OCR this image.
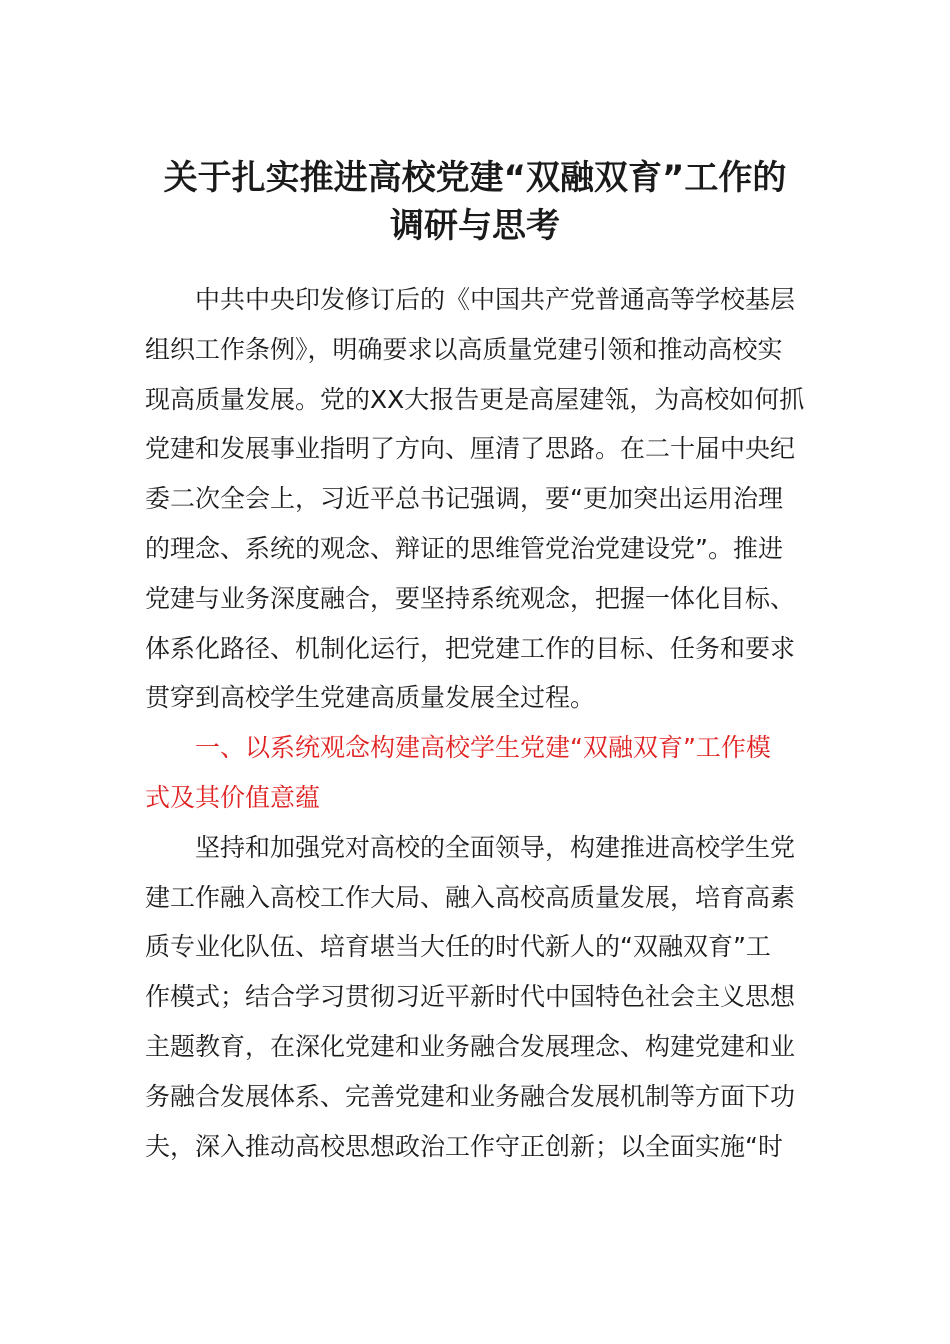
关于扎实推进高校党建“双融双育”工作的
调研与思考
中共中央印发修订后的《中国共产党普通高等学校基层
组织工作条例》，明确要求以高质量党建引领和推动高校实
现高质量发展。党的XX大报告更是高屋建瓴，为高校如何抓
党建和发展事业指明了方向、厘清了思路。在二十届中央纪
委二次全会上，习近平总书记强调，要“更加突出运用治理
的理念、系统的观念、辩证的思维管党治党建设党”。推进
党建与业务深度融合，要坚持系统观念，把握一体化目标、
体系化路径、机制化运行，把党建工作的目标、任务和要求
贯穿到高校学生党建高质量发展全过程。
一、以系统观念构建高校学生党建“双融双育”工作模
式及其价值意蕴
坚持和加强党对高校的全面领导，构建推进高校学生党
建工作融入高校工作大局、融入高校高质量发展，培育高素
质专业化队伍、培育堪当大任的时代新人的“双融双育”工
作模式；结合学习贯彻习近平新时代中国特色社会主义思想
主题教育，在深化党建和业务融合发展理念、构建党建和业
务融合发展体系、完善党建和业务融合发展机制等方面下功
夫，深入推动高校思想政治工作守正创新；以全面实施“时
